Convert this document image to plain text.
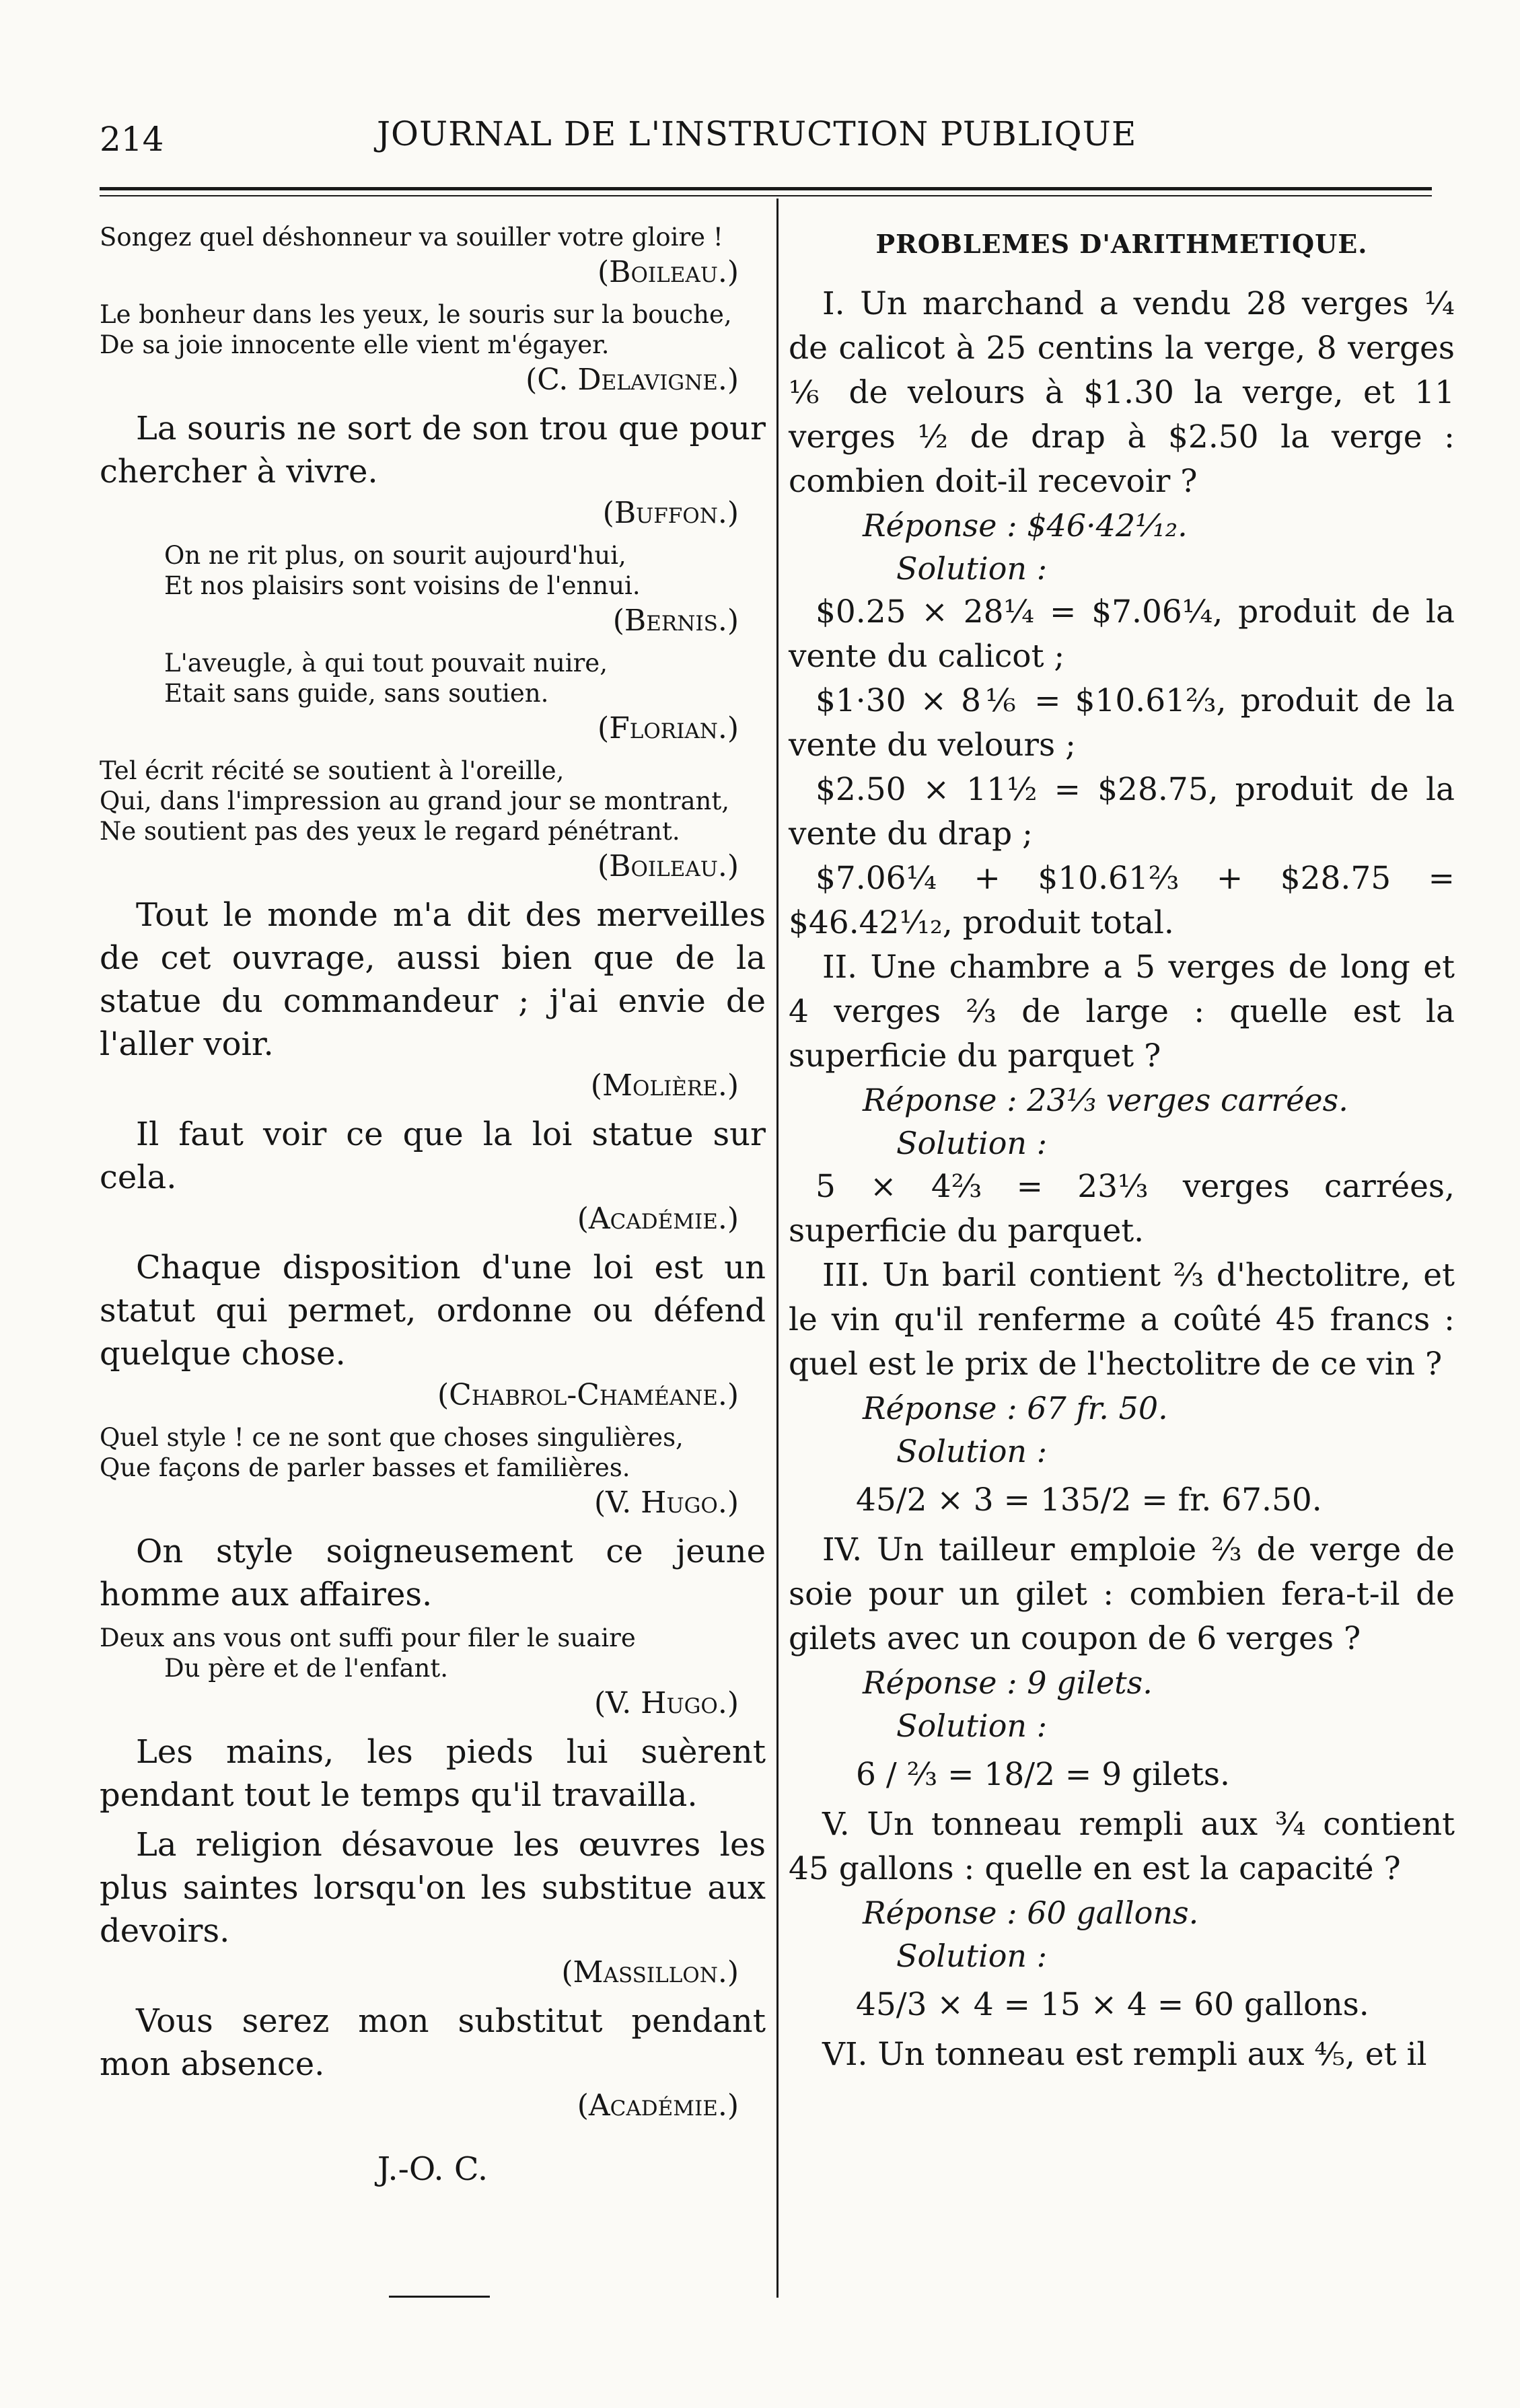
214	JOURNAL DE L'INSTRUCTION PUBLIQUE
Songez quel déshonneur va souiller votre gloire !
(Boileau.)
Le bonheur dans les yeux, le souris sur la bouche,
De sa joie innocente elle vient m'égayer.
(C. Delavigne.)
La souris ne sort de son trou que pour chercher à vivre.
(Buffon.)
On ne rit plus, on sourit aujourd'hui,
Et nos plaisirs sont voisins de l'ennui.
(Bernis.)
L'aveugle, à qui tout pouvait nuire,
Etait sans guide, sans soutien.
(Florian.)
Tel écrit récité se soutient à l'oreille,
Qui, dans l'impression au grand jour se montrant,
Ne soutient pas des yeux le regard pénétrant.
(Boileau.)
Tout le monde m'a dit des merveilles de cet ouvrage, aussi bien que de la statue du commandeur ; j'ai envie de l'aller voir.
(Molière.)
Il faut voir ce que la loi statue sur cela.
(Académie.)
Chaque disposition d'une loi est un statut qui permet, ordonne ou défend quelque chose.
(Chabrol-Chaméane.)
Quel style ! ce ne sont que choses singulières,
Que façons de parler basses et familières.
(V. Hugo.)
On style soigneusement ce jeune homme aux affaires.
Deux ans vous ont suffi pour filer le suaire
Du père et de l'enfant.
(V. Hugo.)
Les mains, les pieds lui suèrent pendant tout le temps qu'il travailla.
La religion désavoue les œuvres les plus saintes lorsqu'on les substitue aux devoirs.
(Massillon.)
Vous serez mon substitut pendant mon absence.
(Académie.)
J.-O. C.
PROBLEMES D'ARITHMETIQUE.
I. Un marchand a vendu 28 verges ¼ de calicot à 25 centins la verge, 8 verges ⅙ de velours à $1.30 la verge, et 11 verges ½ de drap à $2.50 la verge : combien doit-il recevoir ?
Réponse : $46·42¹⁄₁₂.
Solution :
$0.25 × 28¼ = $7.06¼, produit de la vente du calicot ;
$1·30 × 8⅙ = $10.61⅔, produit de la vente du velours ;
$2.50 × 11½ = $28.75, produit de la vente du drap ;
$7.06¼ + $10.61⅔ + $28.75 = $46.42¹⁄₁₂, produit total.
II. Une chambre a 5 verges de long et 4 verges ⅔ de large : quelle est la superficie du parquet ?
Réponse : 23⅓ verges carrées.
Solution :
5 × 4⅔ = 23⅓ verges carrées, superficie du parquet.
III. Un baril contient ⅔ d'hectolitre, et le vin qu'il renferme a coûté 45 francs : quel est le prix de l'hectolitre de ce vin ?
Réponse : 67 fr. 50.
Solution :
45/2 × 3 = 135/2 = fr. 67.50.
IV. Un tailleur emploie ⅔ de verge de soie pour un gilet : combien fera-t-il de gilets avec un coupon de 6 verges ?
Réponse : 9 gilets.
Solution :
6 / ⅔ = 18/2 = 9 gilets.
V. Un tonneau rempli aux ¾ contient 45 gallons : quelle en est la capacité ?
Réponse : 60 gallons.
Solution :
45/3 × 4 = 15 × 4 = 60 gallons.
VI. Un tonneau est rempli aux ⅘, et il
